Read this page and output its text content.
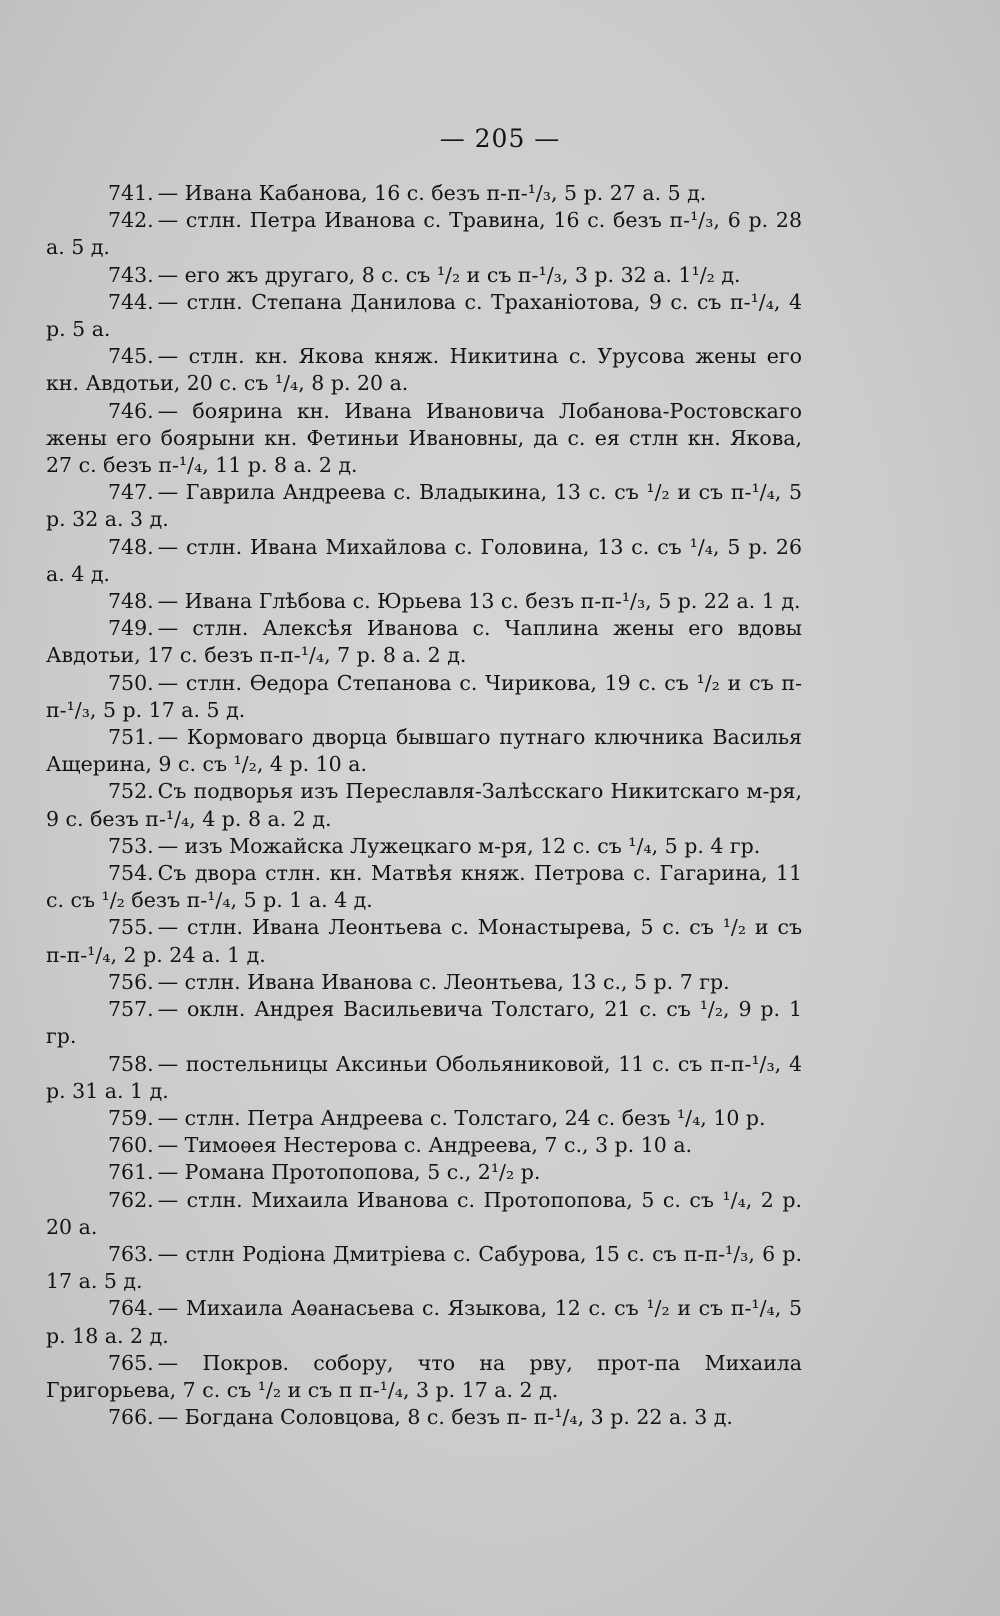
— 205 —

741. — Ивана Кабанова, 16 с. безъ п-п-¹/₃, 5 р. 27 а. 5 д.

742. — стлн. Петра Иванова с. Травина, 16 с. безъ п-¹/₃, 6 р. 28 а. 5 д.

743. — его жъ другаго, 8 с. съ ¹/₂ и съ п-¹/₃, 3 р. 32 а. 1¹/₂ д.

744. — стлн. Степана Данилова с. Траханiотова, 9 с. съ п-¹/₄, 4 р. 5 а.

745. — стлн. кн. Якова княж. Никитина с. Урусова жены его кн. Авдотьи, 20 с. съ ¹/₄, 8 р. 20 а.

746. — боярина кн. Ивана Ивановича Лобанова-Ростовскаго жены его боярыни кн. Фетиньи Ивановны, да с. ея стлн кн. Якова, 27 с. безъ п-¹/₄, 11 р. 8 а. 2 д.

747. — Гаврила Андреева с. Владыкина, 13 с. съ ¹/₂ и съ п-¹/₄, 5 р. 32 а. 3 д.

748. — стлн. Ивана Михайлова с. Головина, 13 с. съ ¹/₄, 5 р. 26 а. 4 д.

748. — Ивана Глѣбова с. Юрьева 13 с. безъ п-п-¹/₃, 5 р. 22 а. 1 д.

749. — стлн. Алексѣя Иванова с. Чаплина жены его вдовы Авдотьи, 17 с. безъ п-п-¹/₄, 7 р. 8 а. 2 д.

750. — стлн. Ѳедора Степанова с. Чирикова, 19 с. съ ¹/₂ и съ п-п-¹/₃, 5 р. 17 а. 5 д.

751. — Кормоваго дворца бывшаго путнаго ключника Василья Ащерина, 9 с. съ ¹/₂, 4 р. 10 а.

752. Съ подворья изъ Переславля-Залѣсскаго Никитскаго м-ря, 9 с. безъ п-¹/₄, 4 р. 8 а. 2 д.

753. — изъ Можайска Лужецкаго м-ря, 12 с. съ ¹/₄, 5 р. 4 гр.

754. Съ двора стлн. кн. Матвѣя княж. Петрова с. Гагарина, 11 с. съ ¹/₂ безъ п-¹/₄, 5 р. 1 а. 4 д.

755. — стлн. Ивана Леонтьева с. Монастырева, 5 с. съ ¹/₂ и съ п-п-¹/₄, 2 р. 24 а. 1 д.

756. — стлн. Ивана Иванова с. Леонтьева, 13 с., 5 р. 7 гр.

757. — оклн. Андрея Васильевича Толстаго, 21 с. съ ¹/₂, 9 р. 1 гр.

758. — постельницы Аксиньи Обольяниковой, 11 с. съ п-п-¹/₃, 4 р. 31 а. 1 д.

759. — стлн. Петра Андреева с. Толстаго, 24 с. безъ ¹/₄, 10 р.

760. — Тимоѳея Нестерова с. Андреева, 7 с., 3 р. 10 а.

761. — Романа Протопопова, 5 с., 2¹/₂ р.

762. — стлн. Михаила Иванова с. Протопопова, 5 с. съ ¹/₄, 2 р. 20 а.

763. — стлн Родiона Дмитрiева с. Сабурова, 15 с. съ п-п-¹/₃, 6 р. 17 а. 5 д.

764. — Михаила Аѳанасьева с. Языкова, 12 с. съ ¹/₂ и съ п-¹/₄, 5 р. 18 а. 2 д.

765. — Покров. собору, что на рву, прот-па Михаила Григорьева, 7 с. съ ¹/₂ и съ п п-¹/₄, 3 р. 17 а. 2 д.

766. — Богдана Соловцова, 8 с. безъ п- п-¹/₄, 3 р. 22 а. 3 д.
